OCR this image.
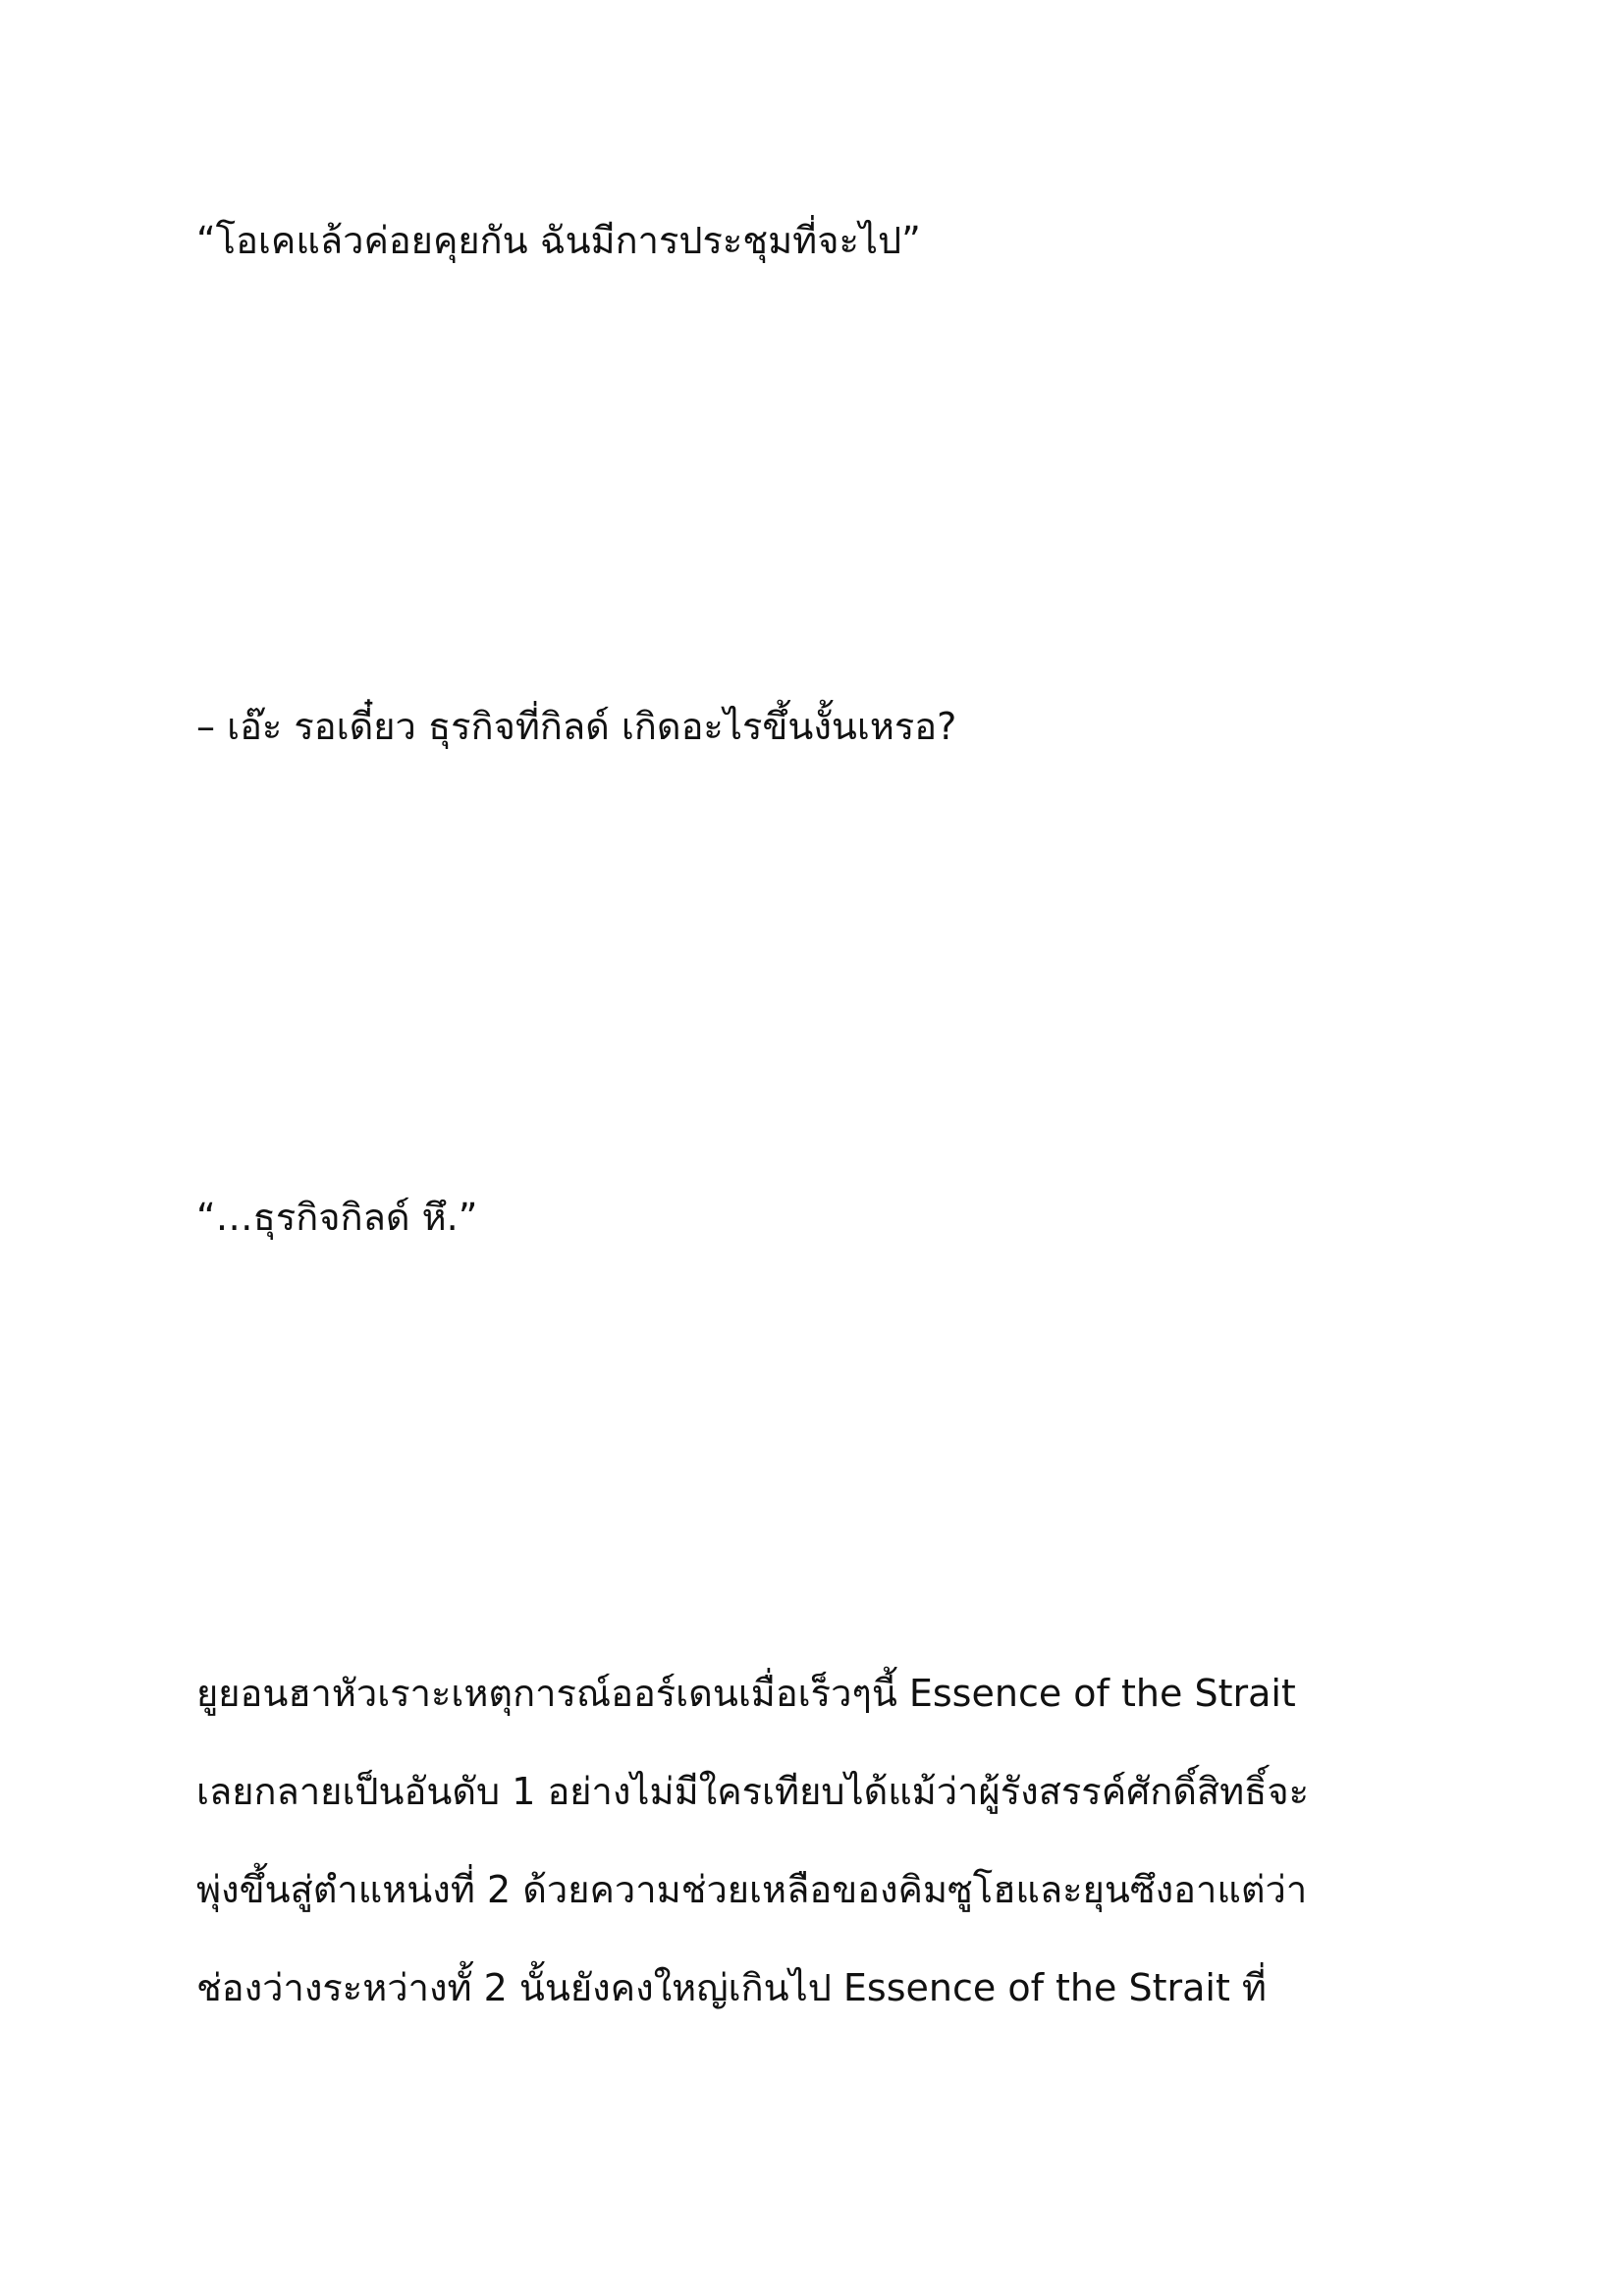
“โอเคแล้วค่อยคุยกัน ฉันมีการประชุมที่จะไป”

– เอ๊ะ รอเดี๋ยว ธุรกิจที่กิลด์ เกิดอะไรขึ้นงั้นเหรอ?

“…ธุรกิจกิลด์ หึ.”

ยูยอนฮาหัวเราะเหตุการณ์ออร์เดนเมื่อเร็วๆนี้ Essence of the Strait
เลยกลายเป็นอันดับ 1 อย่างไม่มีใครเทียบได้แม้ว่าผู้รังสรรค์ศักดิ์สิทธิ์จะ
พุ่งขึ้นสู่ตำแหน่งที่ 2 ด้วยความช่วยเหลือของคิมซูโฮและยุนซึงอาแต่ว่า
ช่องว่างระหว่างทั้ 2 นั้นยังคงใหญ่เกินไป Essence of the Strait ที่
